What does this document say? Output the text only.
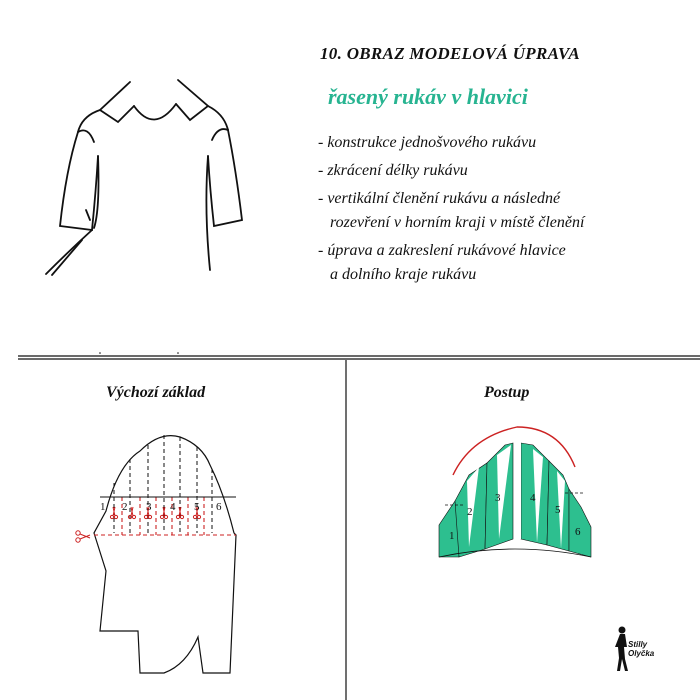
10. OBRAZ MODELOVÁ ÚPRAVA
řasený rukáv v hlavici
- konstrukce jednošvového rukávu
- zkrácení délky rukávu
- vertikální členění rukávu a následné
rozevření v horním kraji v místě členění
- úprava a zakreslení rukávové hlavice
a dolního kraje rukávu
Výchozí základ	Postup
1 2 3 4 5 6
1
2
3	4
5
6
Stilly
Olyčka
